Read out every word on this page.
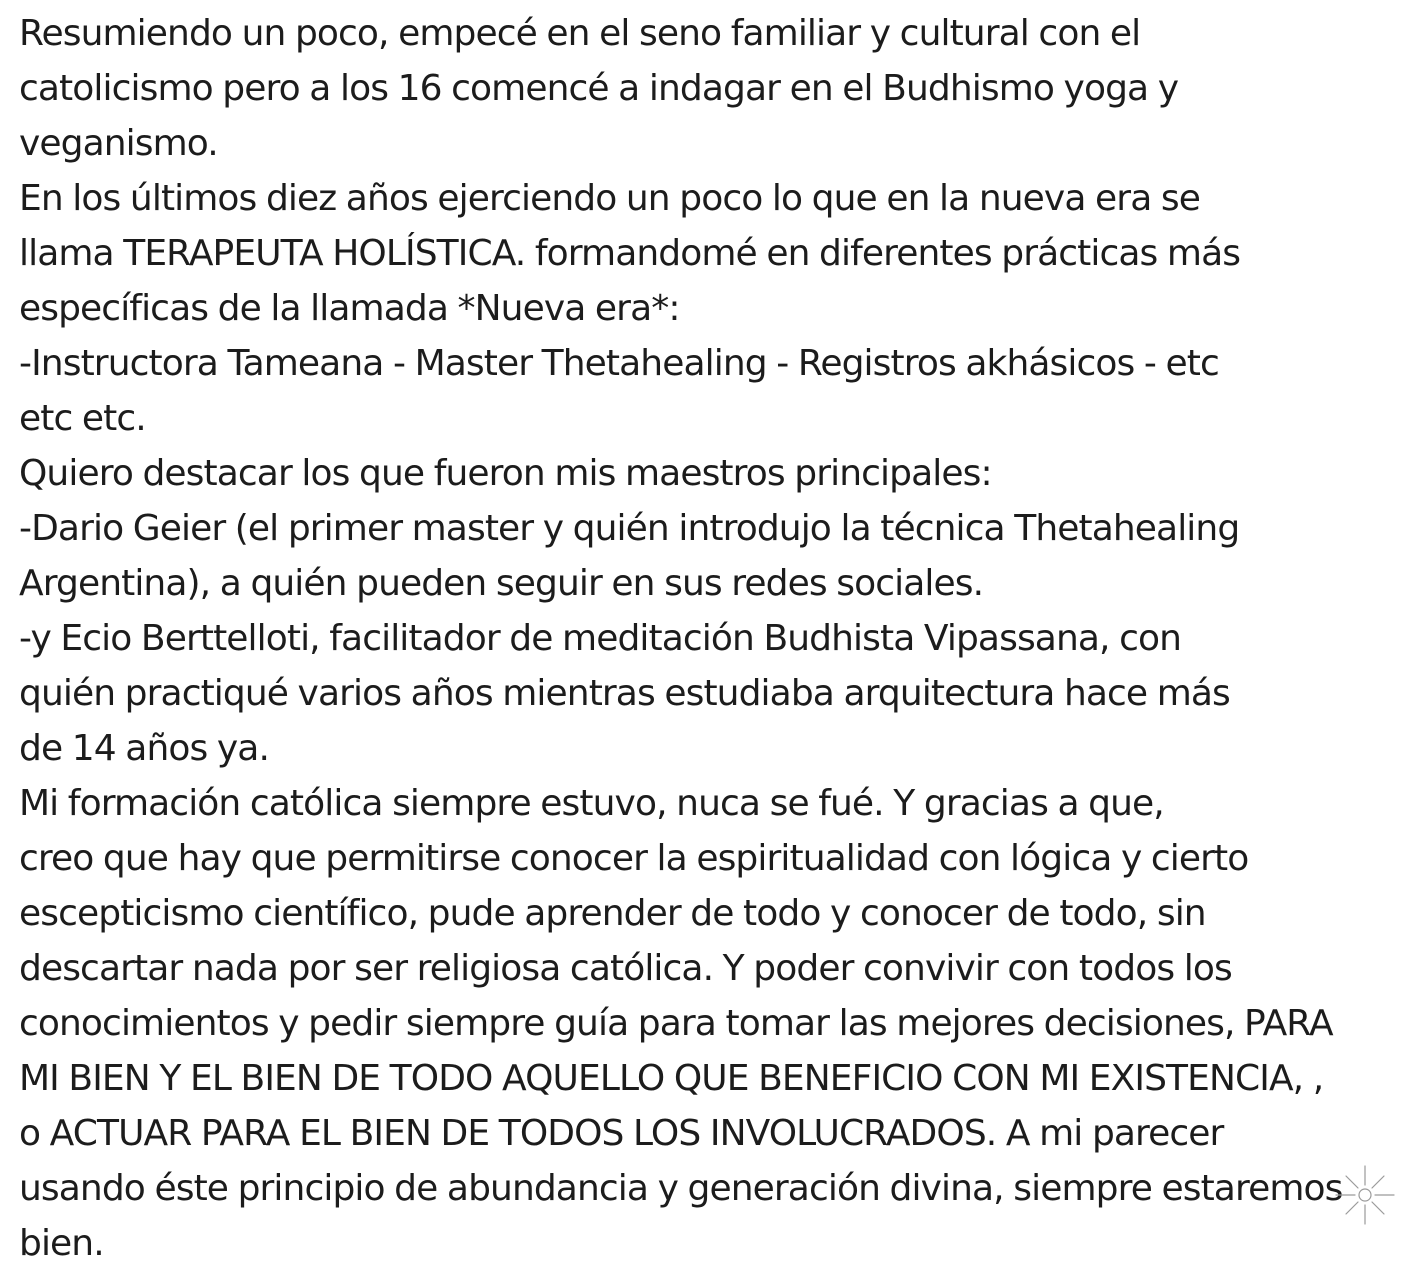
Resumiendo un poco, empecé en el seno familiar y cultural con el
catolicismo pero a los 16 comencé a indagar en el Budhismo yoga y
veganismo.
En los últimos diez años ejerciendo un poco lo que en la nueva era se
llama TERAPEUTA HOLÍSTICA. formandomé en diferentes prácticas más
específicas de la llamada *Nueva era*:
-Instructora Tameana - Master Thetahealing - Registros akhásicos - etc
etc etc.
Quiero destacar los que fueron mis maestros principales:
-Dario Geier (el primer master y quién introdujo la técnica Thetahealing
Argentina), a quién pueden seguir en sus redes sociales.
-y Ecio Berttelloti, facilitador de meditación Budhista Vipassana, con
quién practiqué varios años mientras estudiaba arquitectura hace más
de 14 años ya.
Mi formación católica siempre estuvo, nuca se fué. Y gracias a que,
creo que hay que permitirse conocer la espiritualidad con lógica y cierto
escepticismo científico, pude aprender de todo y conocer de todo, sin
descartar nada por ser religiosa católica. Y poder convivir con todos los
conocimientos y pedir siempre guía para tomar las mejores decisiones, PARA
MI BIEN Y EL BIEN DE TODO AQUELLO QUE BENEFICIO CON MI EXISTENCIA, ,
o ACTUAR PARA EL BIEN DE TODOS LOS INVOLUCRADOS. A mi parecer
usando éste principio de abundancia y generación divina, siempre estaremos
bien.
